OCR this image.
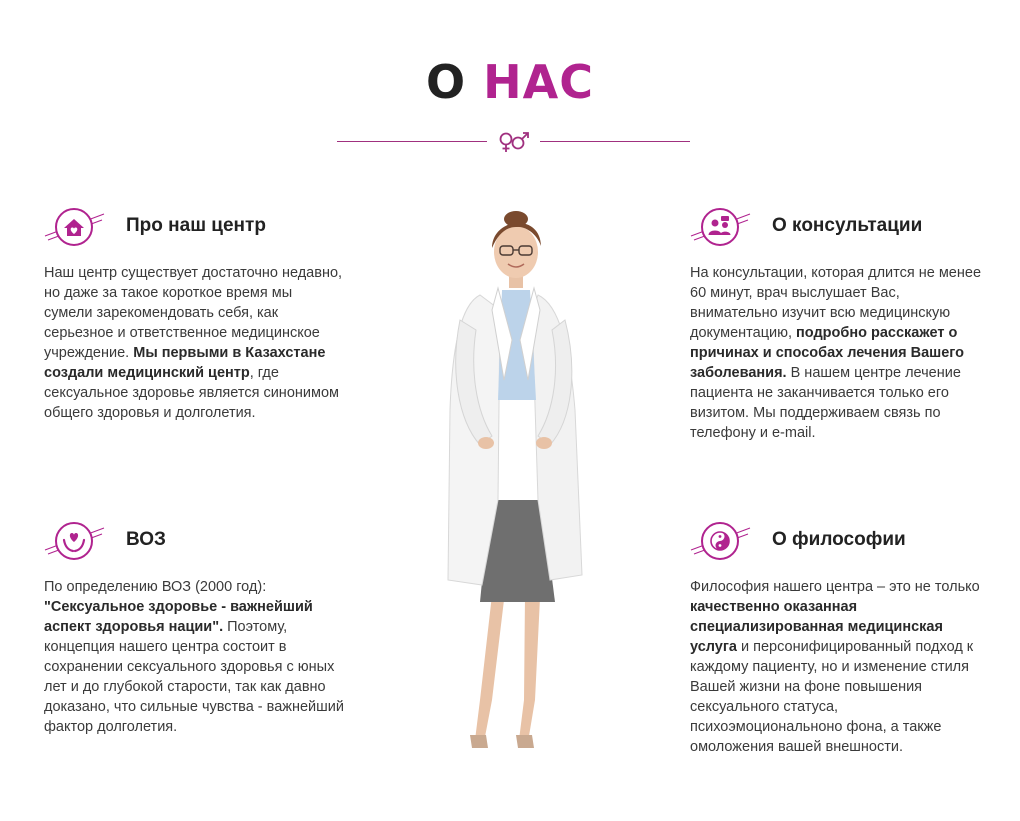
О НАС
Про наш центр

Наш центр существует достаточно недавно, но даже за такое короткое время мы сумели зарекомендовать себя, как серьезное и ответственное медицинское учреждение. Мы первыми в Казахстане создали медицинский центр, где сексуальное здоровье является синонимом общего здоровья и долголетия.

О консультации

На консультации, которая длится не менее 60 минут, врач выслушает Вас, внимательно изучит всю медицинскую документацию, подробно расскажет о причинах и способах лечения Вашего заболевания. В нашем центре лечение пациента не заканчивается только его визитом. Мы поддерживаем связь по телефону и e-mail.

ВОЗ

По определению ВОЗ (2000 год): "Сексуальное здоровье - важнейший аспект здоровья нации". Поэтому, концепция нашего центра состоит в сохранении сексуального здоровья с юных лет и до глубокой старости, так как давно доказано, что сильные чувства - важнейший фактор долголетия.

О философии

Философия нашего центра – это не только качественно оказанная специализированная медицинская услуга и персонифицированный подход к каждому пациенту, но и изменение стиля Вашей жизни на фоне повышения сексуального статуса, психоэмоциональноно фона, а также омоложения вашей внешности.
